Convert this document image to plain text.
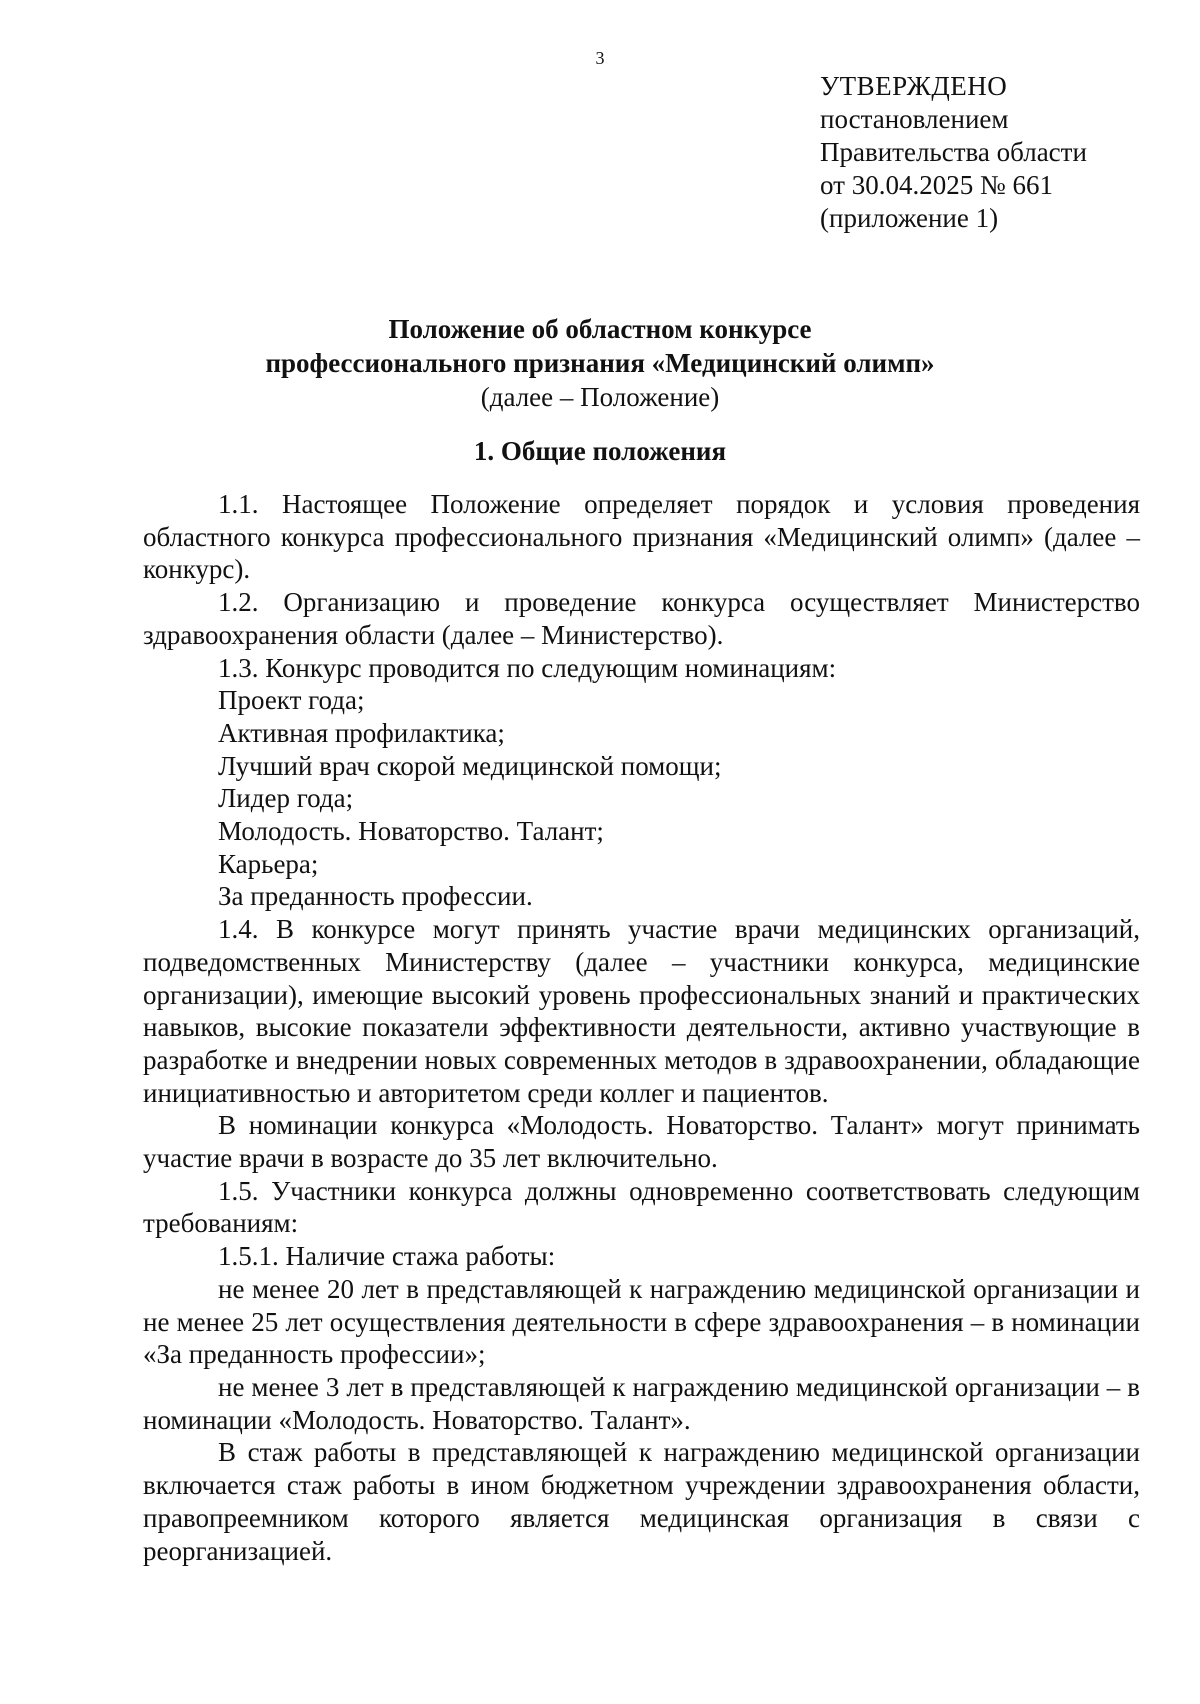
3
УТВЕРЖДЕНО
постановлением
Правительства области
от 30.04.2025 № 661
(приложение 1)
Положение об областном конкурсе
профессионального признания «Медицинский олимп»
(далее – Положение)
1. Общие положения

1.1. Настоящее Положение определяет порядок и условия проведения областного конкурса профессионального признания «Медицинский олимп» (далее – конкурс).

1.2. Организацию и проведение конкурса осуществляет Министерство здравоохранения области (далее – Министерство).

1.3. Конкурс проводится по следующим номинациям:

Проект года;

Активная профилактика;

Лучший врач скорой медицинской помощи;

Лидер года;

Молодость. Новаторство. Талант;

Карьера;

За преданность профессии.

1.4. В конкурсе могут принять участие врачи медицинских организаций, подведомственных Министерству (далее – участники конкурса, медицинские организации), имеющие высокий уровень профессиональных знаний и практических навыков, высокие показатели эффективности деятельности, активно участвующие в разработке и внедрении новых современных методов в здравоохранении, обладающие инициативностью и авторитетом среди коллег и пациентов.

В номинации конкурса «Молодость. Новаторство. Талант» могут принимать участие врачи в возрасте до 35 лет включительно.

1.5. Участники конкурса должны одновременно соответствовать следующим требованиям:

1.5.1. Наличие стажа работы:

не менее 20 лет в представляющей к награждению медицинской организации и не менее 25 лет осуществления деятельности в сфере здравоохранения – в номинации «За преданность профессии»;

не менее 3 лет в представляющей к награждению медицинской организации – в номинации «Молодость. Новаторство. Талант».

В стаж работы в представляющей к награждению медицинской организации включается стаж работы в ином бюджетном учреждении здравоохранения области, правопреемником которого является медицинская организация в связи с реорганизацией.
